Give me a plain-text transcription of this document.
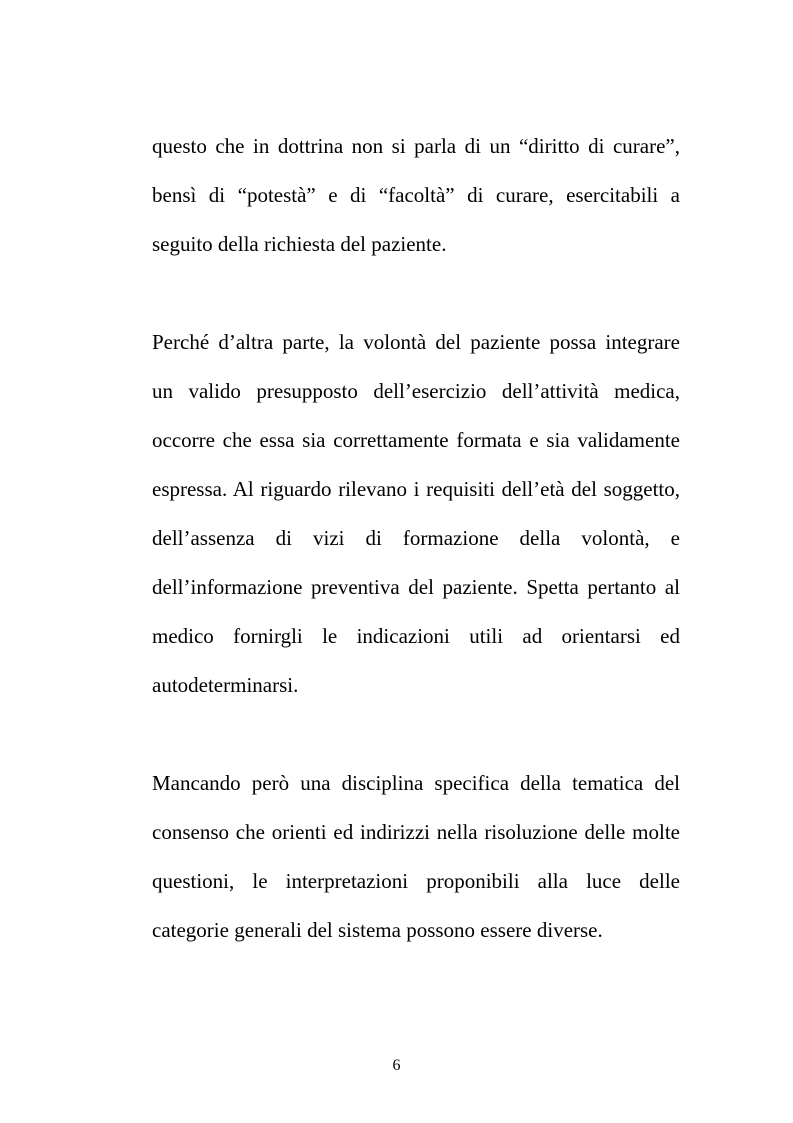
questo che in dottrina non si parla di un “diritto di curare”,
bensì di “potestà” e di “facoltà” di curare, esercitabili a
seguito della richiesta del paziente.

Perché d’altra parte, la volontà del paziente possa integrare
un valido presupposto dell’esercizio dell’attività medica,
occorre che essa sia correttamente formata e sia validamente
espressa. Al riguardo rilevano i requisiti dell’età del soggetto,
dell’assenza di vizi di formazione della volontà, e
dell’informazione preventiva del paziente. Spetta pertanto al
medico fornirgli le indicazioni utili ad orientarsi ed
autodeterminarsi.

Mancando però una disciplina specifica della tematica del
consenso che orienti ed indirizzi nella risoluzione delle molte
questioni, le interpretazioni proponibili alla luce delle
categorie generali del sistema possono essere diverse.

6
